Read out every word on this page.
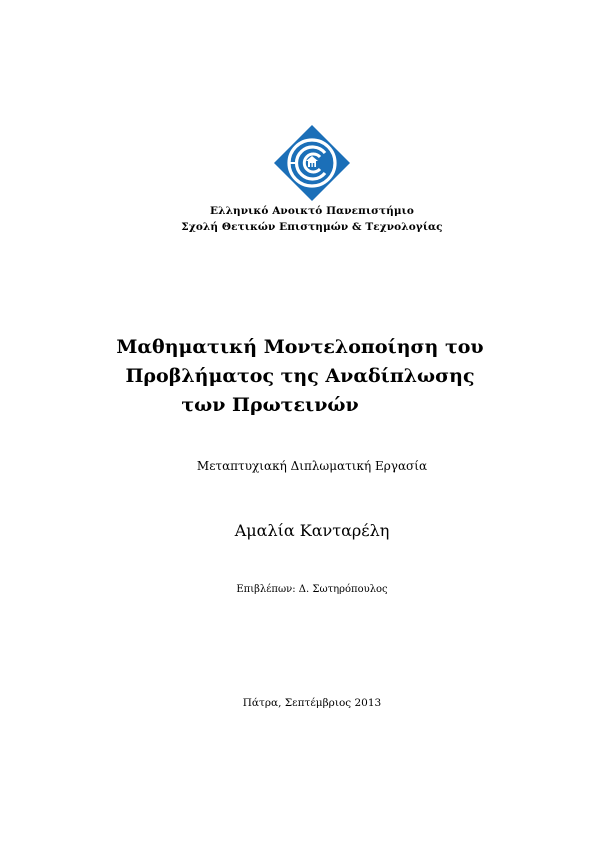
Ελληνικό Ανοικτό Πανεπιστήμιο
Σχολή Θετικών Επιστημών & Τεχνολογίας
Μαθηματική Μοντελοποίηση του
Προβλήματος της Αναδίπλωσης
των Πρωτεινών
Μεταπτυχιακή Διπλωματική Εργασία
Αμαλία Κανταρέλη
Επιβλέπων: Δ. Σωτηρόπουλος
Πάτρα, Σεπτέμβριος 2013
